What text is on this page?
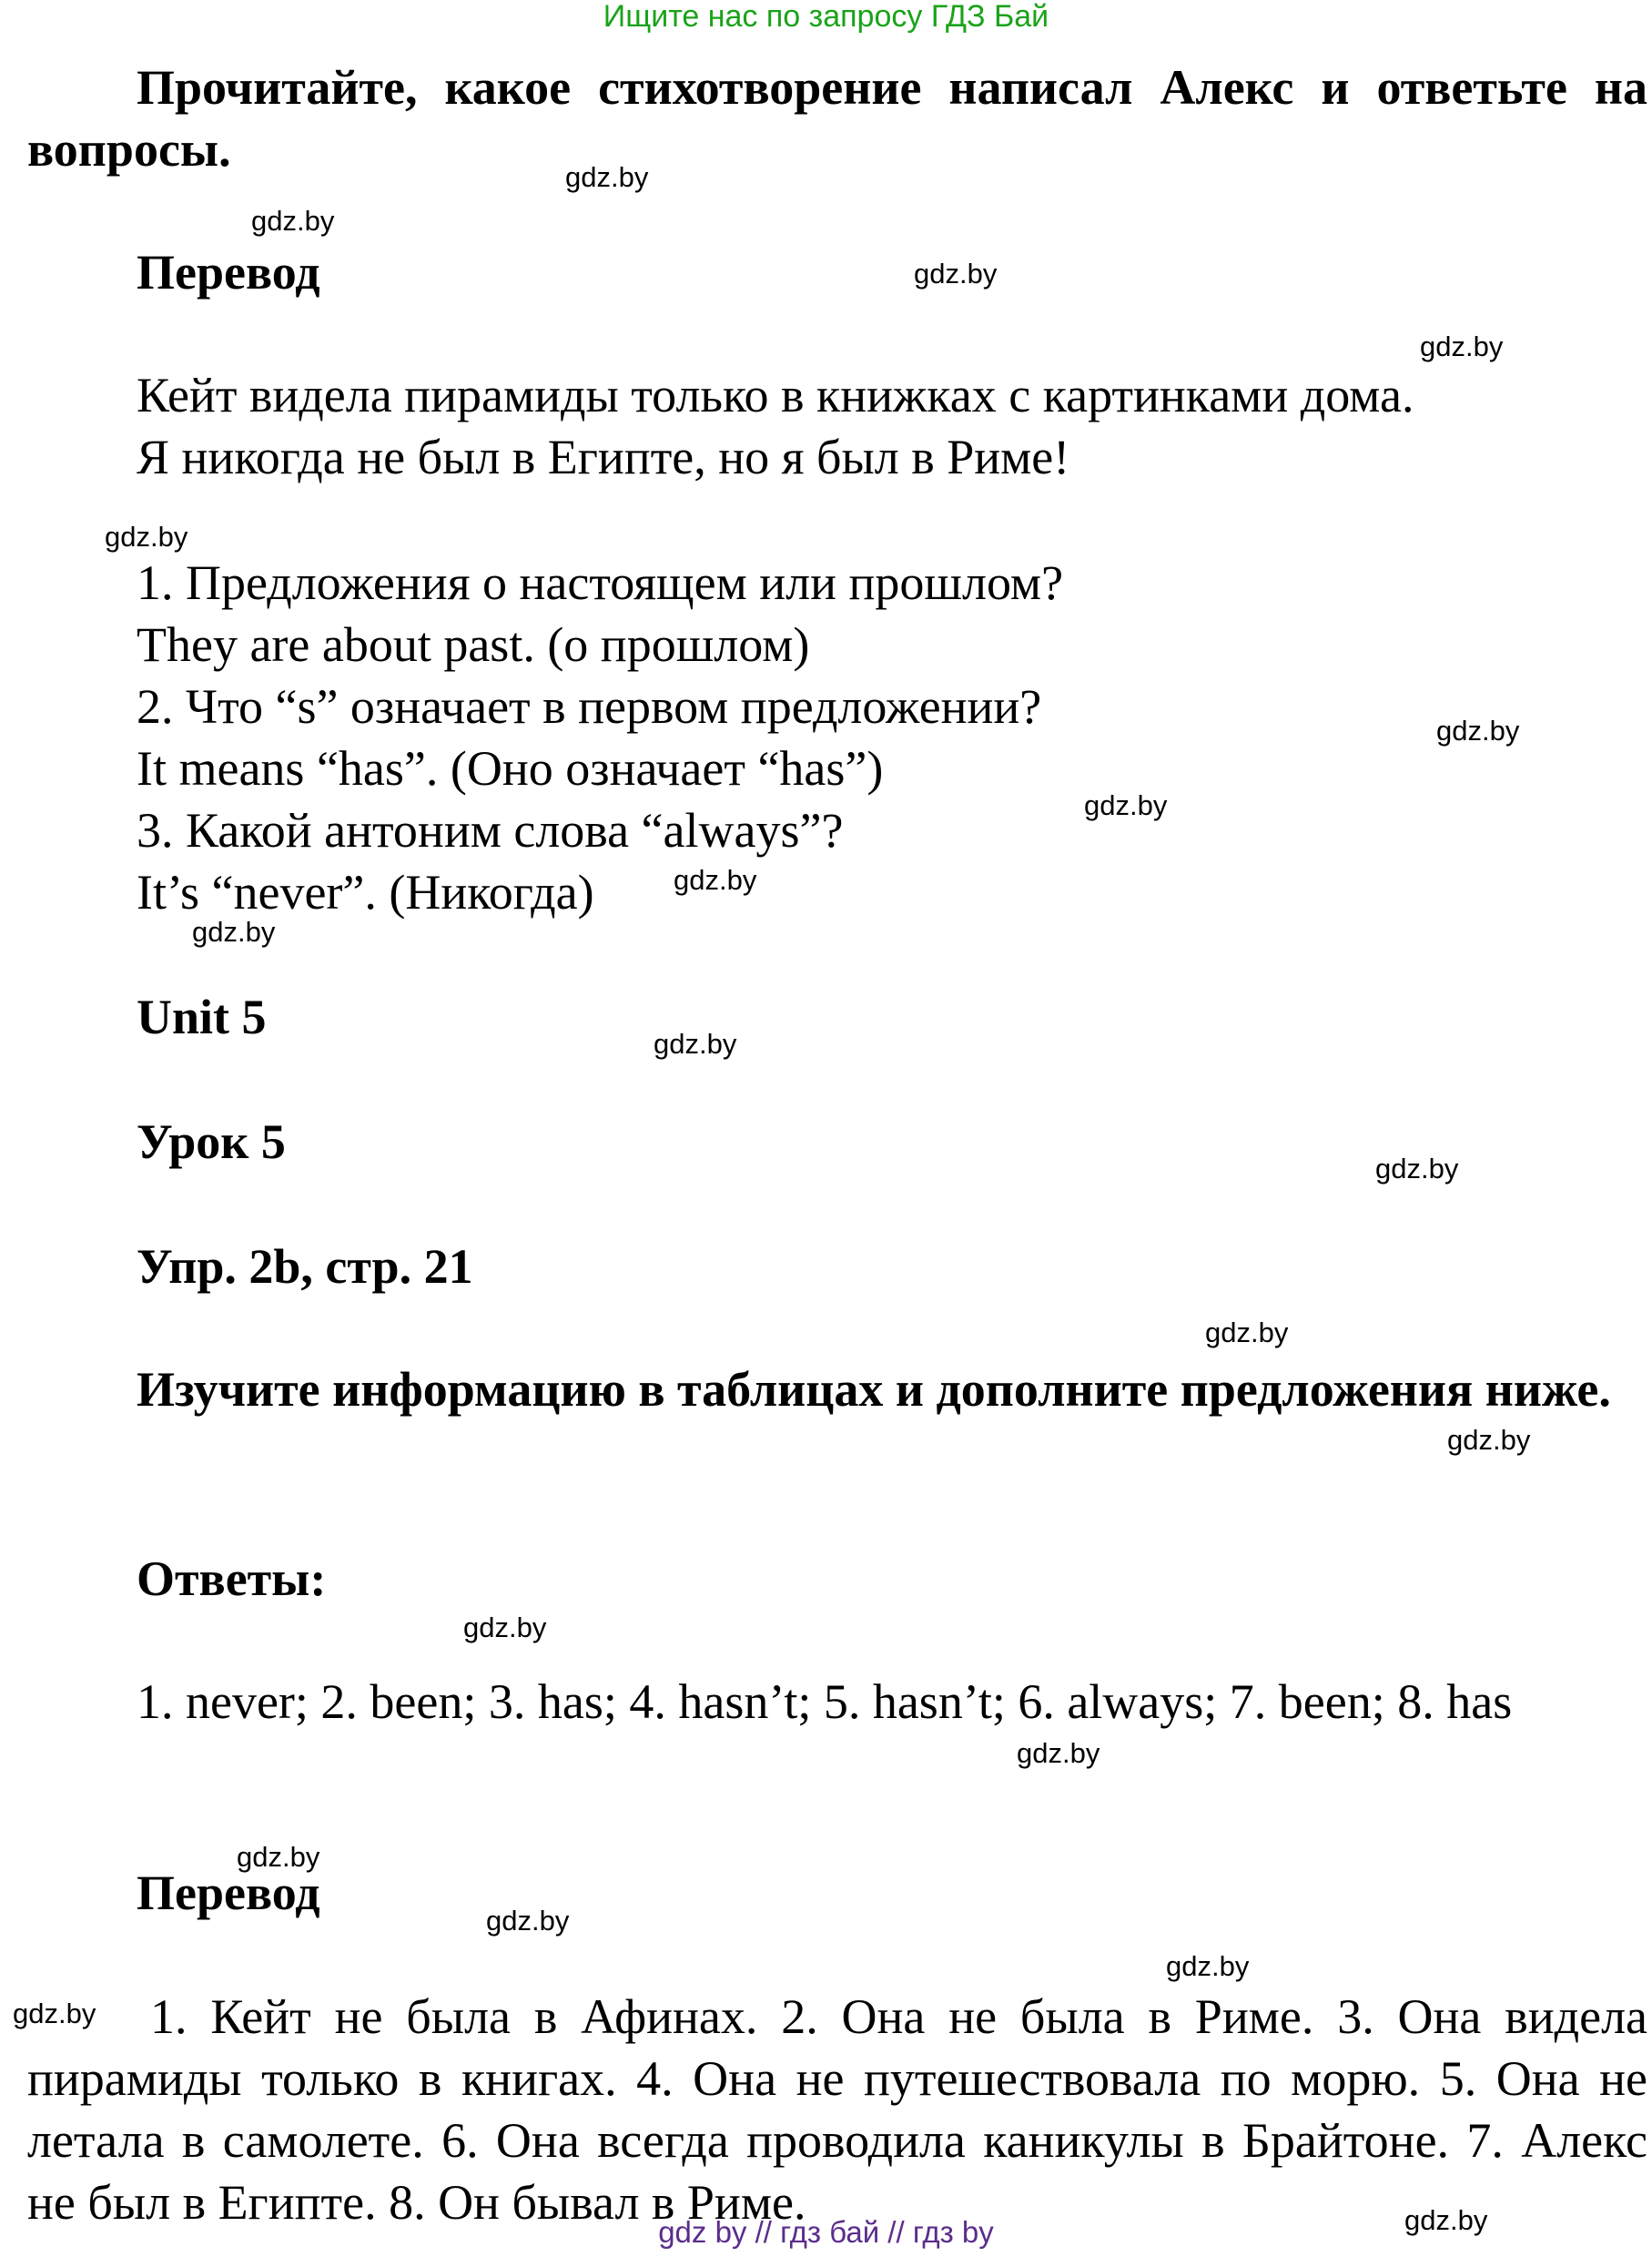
Ищите нас по запросу ГДЗ Бай
Прочитайте, какое стихотворение написал Алекс и ответьте на вопросы.
Перевод
Кейт видела пирамиды только в книжках с картинками дома.
Я никогда не был в Египте, но я был в Риме!
1. Предложения о настоящем или прошлом?
They are about past. (о прошлом)
2. Что “s” означает в первом предложении?
It means “has”. (Оно означает “has”)
3. Какой антоним слова “always”?
It’s “never”. (Никогда)
Unit 5
Урок 5
Упр. 2b, стр. 21
Изучите информацию в таблицах и дополните предложения ниже.
Ответы:
1. never; 2. been; 3. has; 4. hasn’t; 5. hasn’t; 6. always; 7. been; 8. has
Перевод
1. Кейт не была в Афинах. 2. Она не была в Риме. 3. Она видела пирамиды только в книгах. 4. Она не путешествовала по морю. 5. Она не летала в самолете. 6. Она всегда проводила каникулы в Брайтоне. 7. Алекс не был в Египте. 8. Он бывал в Риме.
gdz.by
gdz.by
gdz.by
gdz.by
gdz.by
gdz.by
gdz.by
gdz.by
gdz.by
gdz.by
gdz.by
gdz.by
gdz.by
gdz.by
gdz.by
gdz.by
gdz.by
gdz.by
gdz.by
gdz.by
gdz by // гдз бай // гдз by
